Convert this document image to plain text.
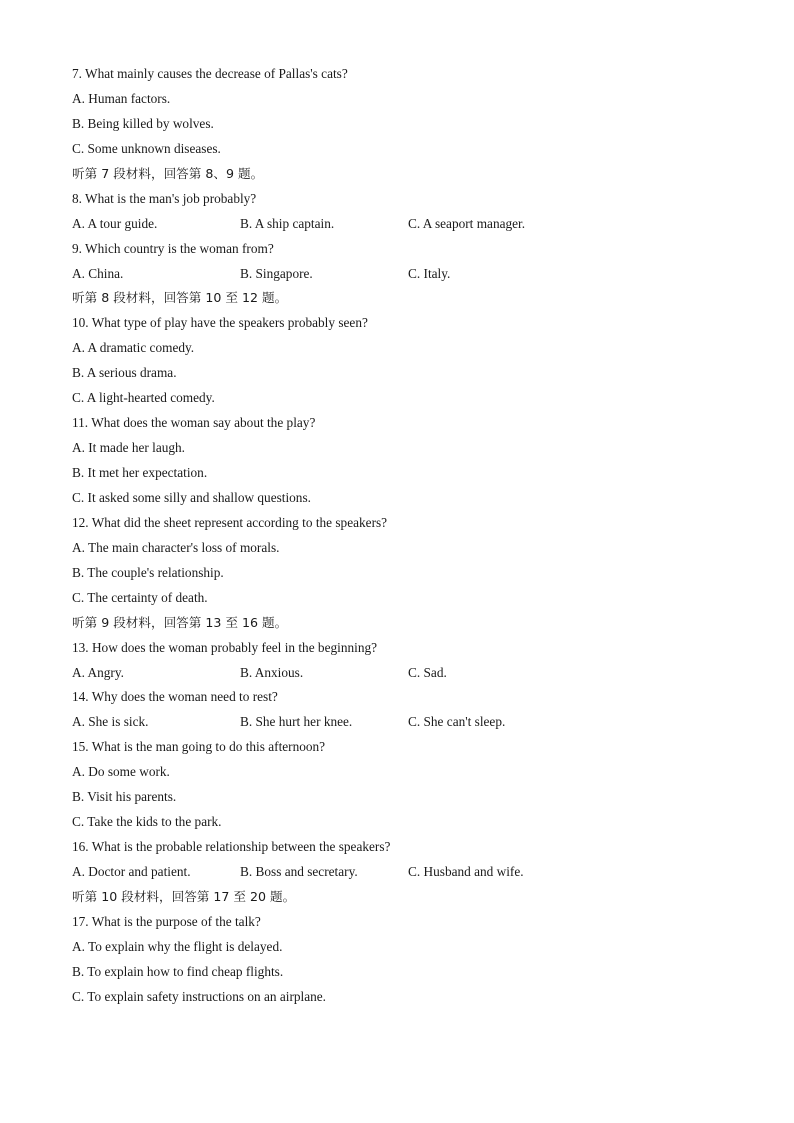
7. What mainly causes the decrease of Pallas's cats?
A. Human factors.
B. Being killed by wolves.
C. Some unknown diseases.
听第 7 段材料，回答第 8、9 题。
8. What is the man's job probably?
A. A tour guide.	B. A ship captain.	C. A seaport manager.
9. Which country is the woman from?
A. China.	B. Singapore.	C. Italy.
听第 8 段材料，回答第 10 至 12 题。
10. What type of play have the speakers probably seen?
A. A dramatic comedy.
B. A serious drama.
C. A light-hearted comedy.
11. What does the woman say about the play?
A. It made her laugh.
B. It met her expectation.
C. It asked some silly and shallow questions.
12. What did the sheet represent according to the speakers?
A. The main character's loss of morals.
B. The couple's relationship.
C. The certainty of death.
听第 9 段材料，回答第 13 至 16 题。
13. How does the woman probably feel in the beginning?
A. Angry.	B. Anxious.	C. Sad.
14. Why does the woman need to rest?
A. She is sick.	B. She hurt her knee.	C. She can't sleep.
15. What is the man going to do this afternoon?
A. Do some work.
B. Visit his parents.
C. Take the kids to the park.
16. What is the probable relationship between the speakers?
A. Doctor and patient.	B. Boss and secretary.	C. Husband and wife.
听第 10 段材料，回答第 17 至 20 题。
17. What is the purpose of the talk?
A. To explain why the flight is delayed.
B. To explain how to find cheap flights.
C. To explain safety instructions on an airplane.
